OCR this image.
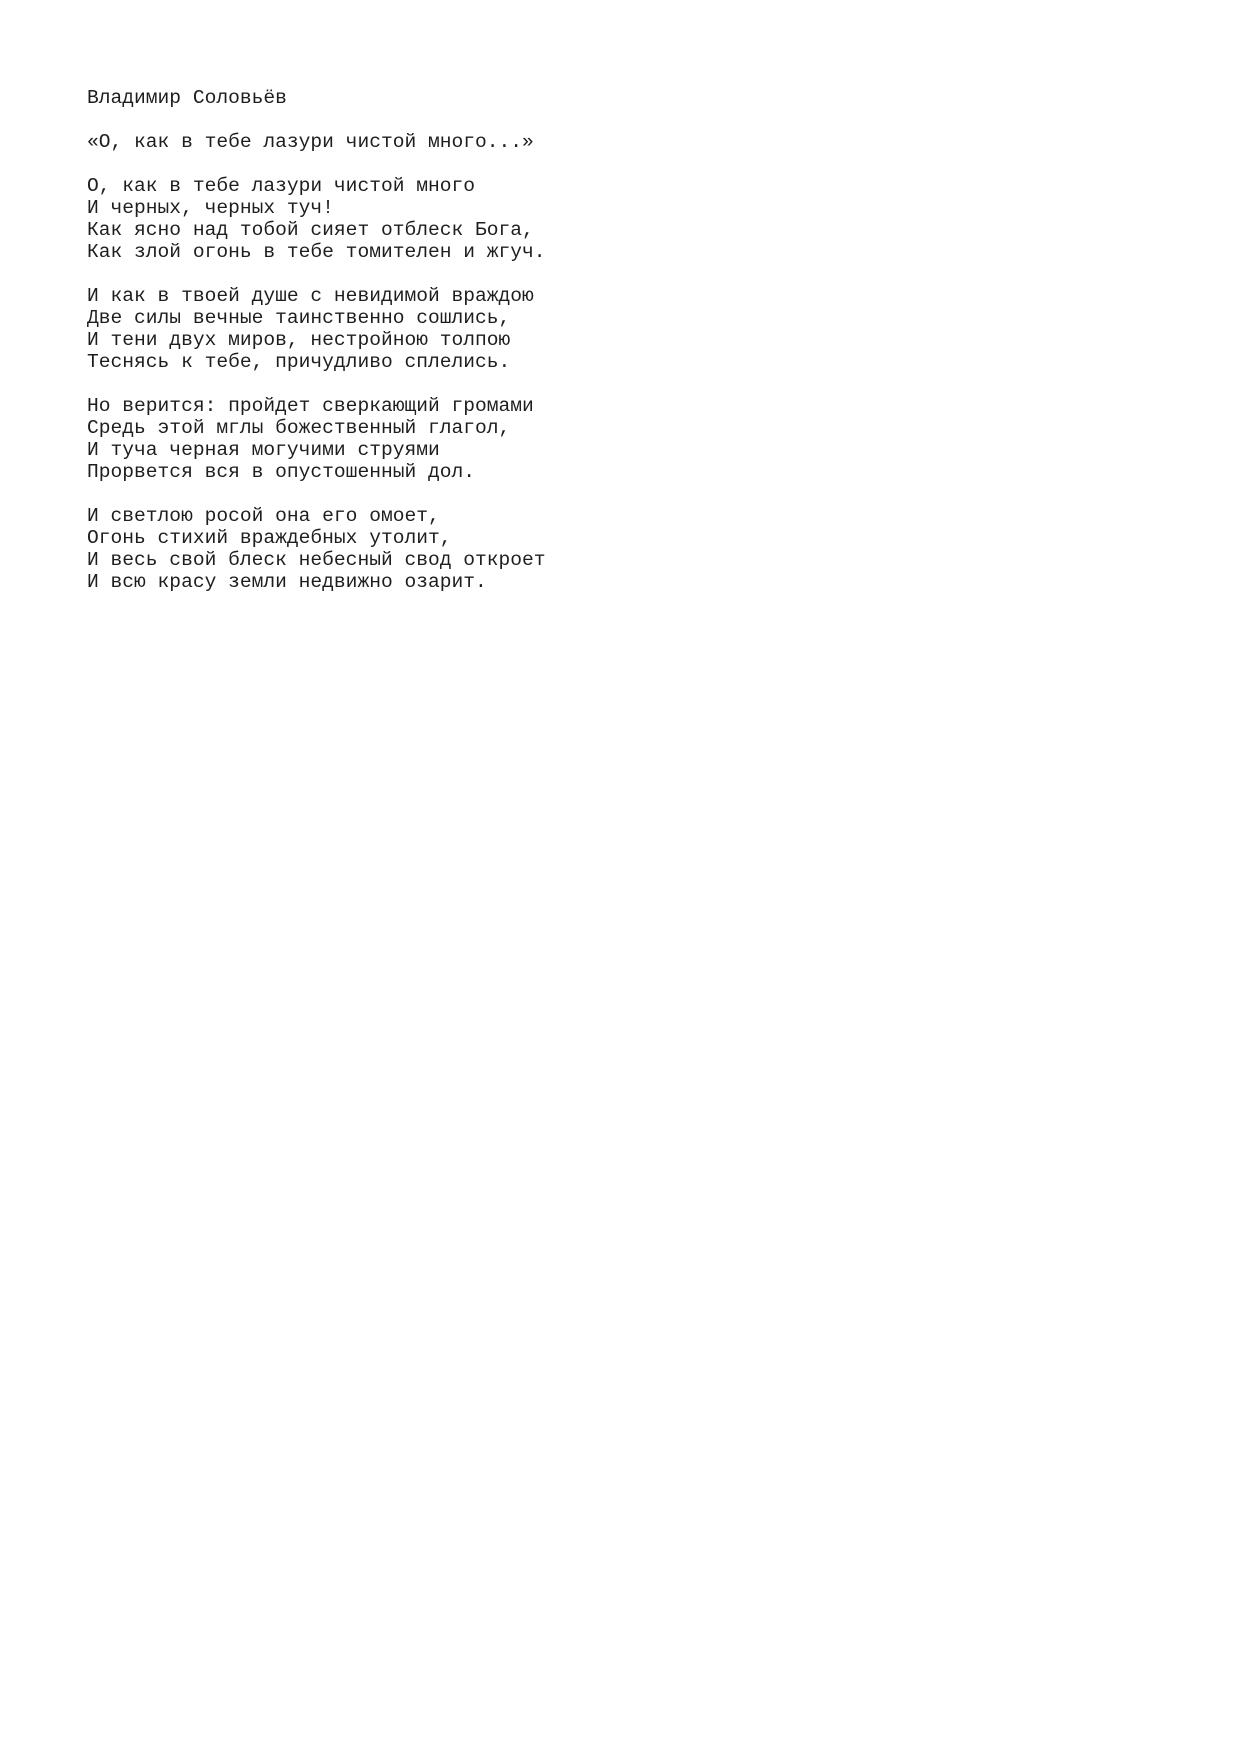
Владимир Соловьёв
«О, как в тебе лазури чистой много...»
О, как в тебе лазури чистой много
И черных, черных туч!
Как ясно над тобой сияет отблеск Бога,
Как злой огонь в тебе томителен и жгуч.
И как в твоей душе с невидимой враждою
Две силы вечные таинственно сошлись,
И тени двух миров, нестройною толпою
Теснясь к тебе, причудливо сплелись.
Но верится: пройдет сверкающий громами
Средь этой мглы божественный глагол,
И туча черная могучими струями
Прорвется вся в опустошенный дол.
И светлою росой она его омоет,
Огонь стихий враждебных утолит,
И весь свой блеск небесный свод откроет
И всю красу земли недвижно озарит.
